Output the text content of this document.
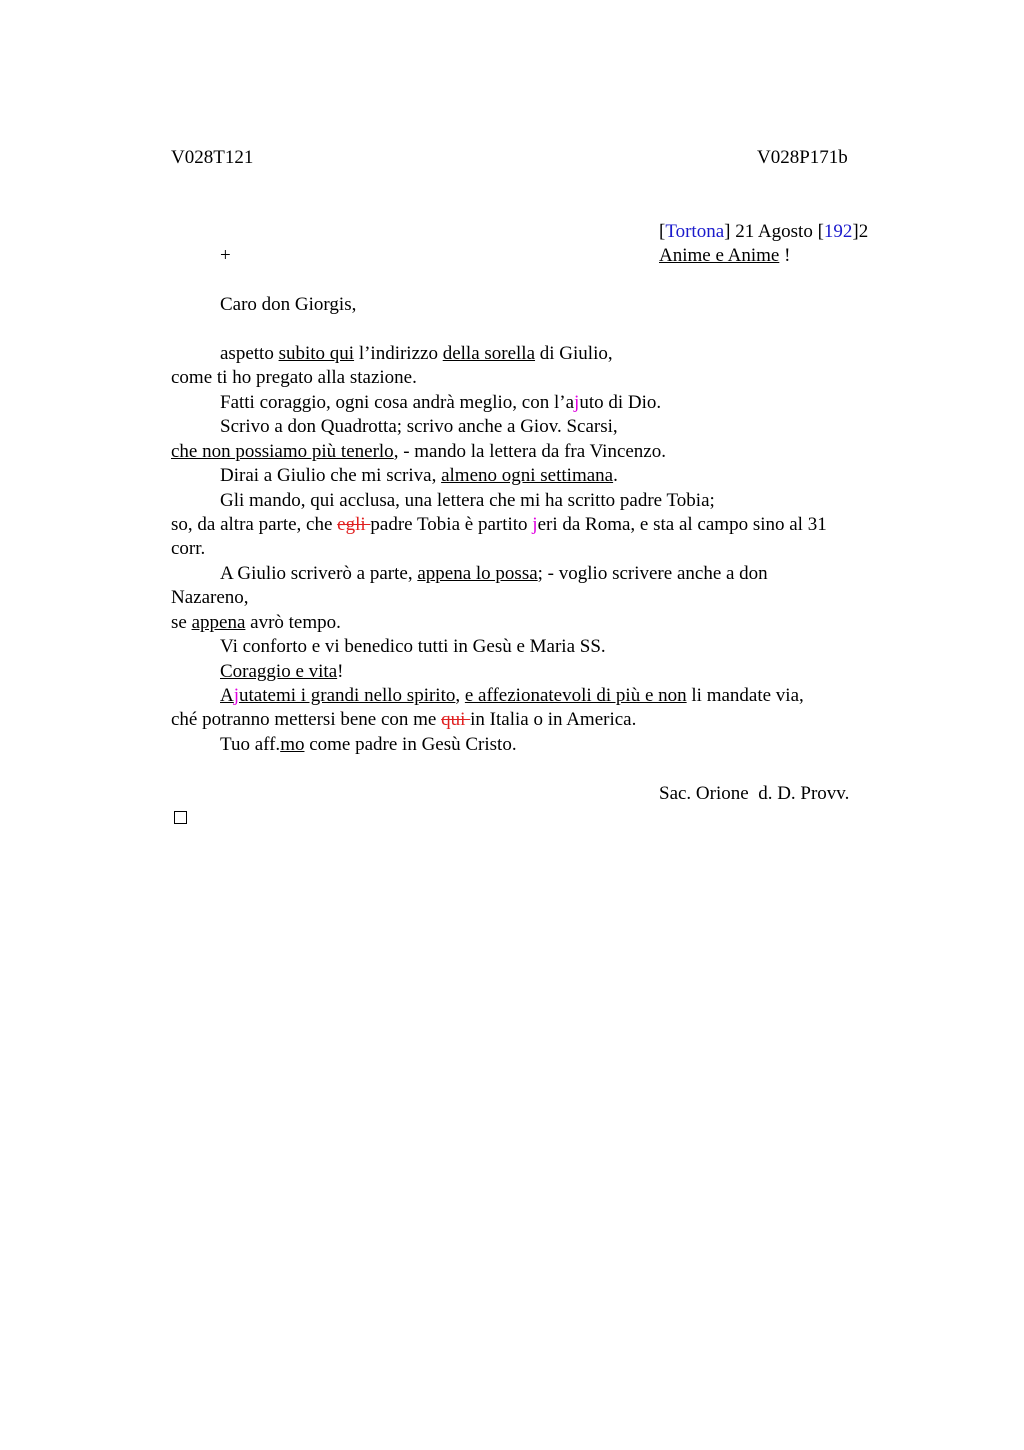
V028T121	V028P171b
[Tortona] 21 Agosto [192]2
+	Anime e Anime !
Caro don Giorgis,
aspetto subito qui l’indirizzo della sorella di Giulio,
come ti ho pregato alla stazione.
Fatti coraggio, ogni cosa andrà meglio, con l’ajuto di Dio.
Scrivo a don Quadrotta; scrivo anche a Giov. Scarsi,
che non possiamo più tenerlo, - mando la lettera da fra Vincenzo.
Dirai a Giulio che mi scriva, almeno ogni settimana.
Gli mando, qui acclusa, una lettera che mi ha scritto padre Tobia;
so, da altra parte, che egli padre Tobia è partito jeri da Roma, e sta al campo sino al 31
corr.
A Giulio scriverò a parte, appena lo possa; - voglio scrivere anche a don
Nazareno,
se appena avrò tempo.
Vi conforto e vi benedico tutti in Gesù e Maria SS.
Coraggio e vita!
Ajutatemi i grandi nello spirito, e affezionatevoli di più e non li mandate via,
ché potranno mettersi bene con me qui in Italia o in America.
Tuo aff.mo come padre in Gesù Cristo.
Sac. Orione  d. D. Provv.
